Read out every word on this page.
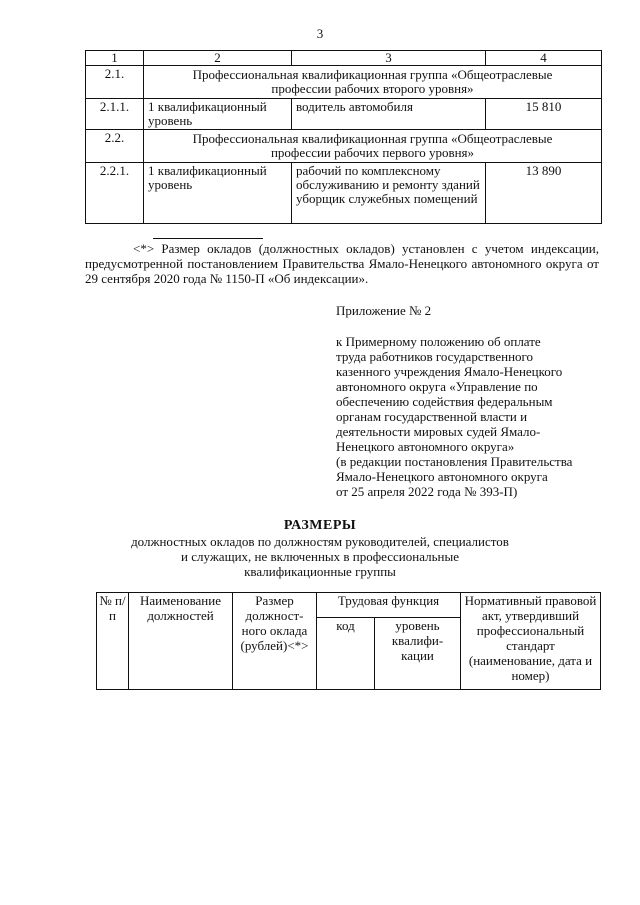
3
1	2	3	4
2.1.	Профессиональная квалификационная группа «Общеотраслевые профессии рабочих второго уровня»		
2.1.1.	1 квалификационный уровень	водитель автомобиля	15 810
2.2.	Профессиональная квалификационная группа «Общеотраслевые профессии рабочих первого уровня»		
2.2.1.	1 квалификационный уровень	рабочий по комплексному обслуживанию и ремонту зданий уборщик служебных помещений	13 890
<*> Размер окладов (должностных окладов) установлен с учетом индексации, предусмотренной постановлением Правительства Ямало-Ненецкого автономного округа от 29 сентября 2020 года № 1150-П «Об индексации».
Приложение № 2
к Примерному положению об оплате
труда работников государственного
казенного учреждения Ямало-Ненецкого
автономного округа «Управление по
обеспечению содействия федеральным
органам государственной власти и
деятельности мировых судей Ямало-
Ненецкого автономного округа»
(в редакции постановления Правительства
Ямало-Ненецкого автономного округа
от 25 апреля 2022 года № 393-П)
РАЗМЕРЫ
должностных окладов по должностям руководителей, специалистов
и служащих, не включенных в профессиональные
квалификационные группы
№ п/п	Наименование должностей	Размер должност-ного оклада (рублей)<*>	Трудовая функция		Нормативный правовой акт, утвердивший профессиональный стандарт (наименование, дата и номер)
			код	уровень квалифи-кации	
